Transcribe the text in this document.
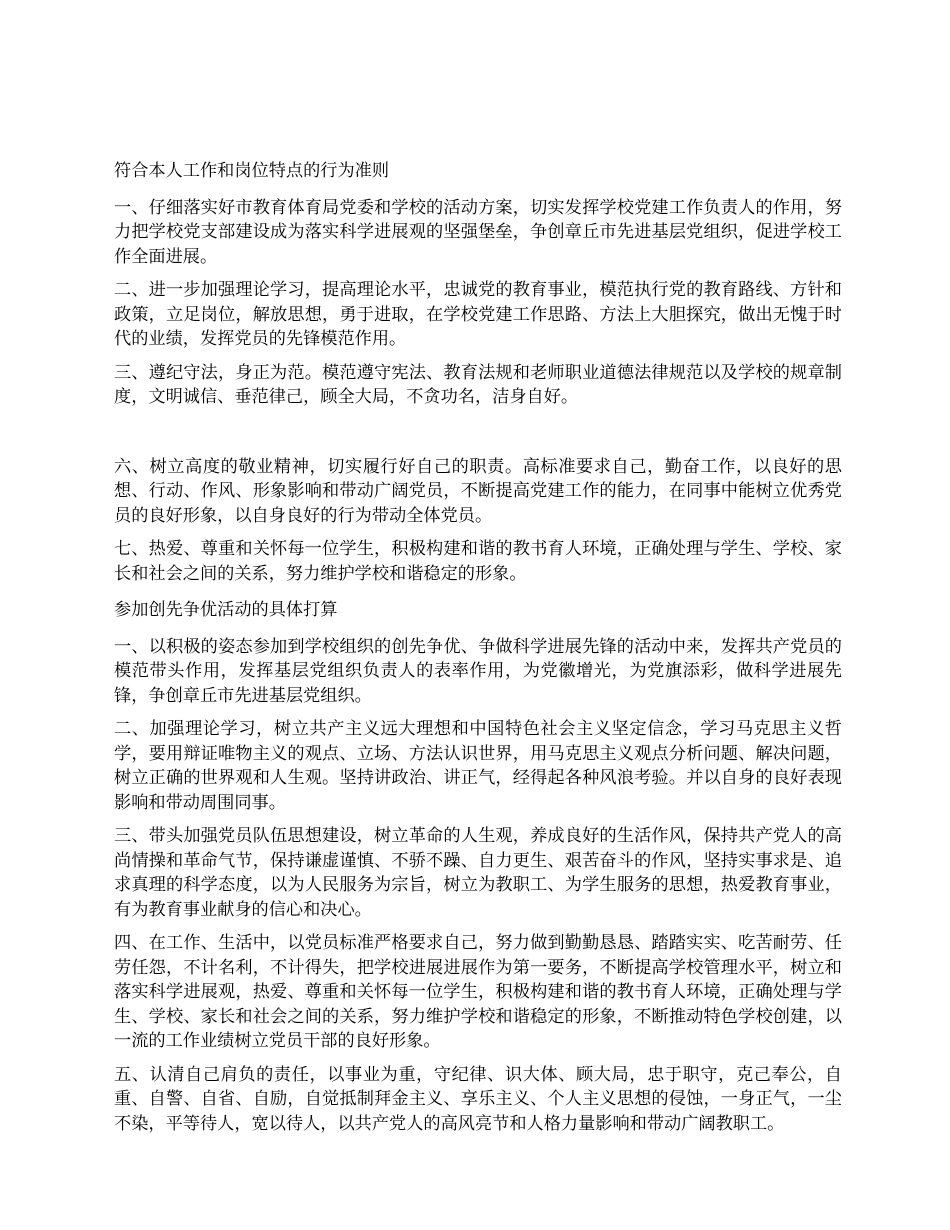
符合本人工作和岗位特点的行为准则

一、仔细落实好市教育体育局党委和学校的活动方案，切实发挥学校党建工作负责人的作用，努力把学校党支部建设成为落实科学进展观的坚强堡垒，争创章丘市先进基层党组织，促进学校工作全面进展。

二、进一步加强理论学习，提高理论水平，忠诚党的教育事业，模范执行党的教育路线、方针和政策，立足岗位，解放思想，勇于进取，在学校党建工作思路、方法上大胆探究，做出无愧于时代的业绩，发挥党员的先锋模范作用。

三、遵纪守法，身正为范。模范遵守宪法、教育法规和老师职业道德法律规范以及学校的规章制度，文明诚信、垂范律己，顾全大局，不贪功名，洁身自好。

六、树立高度的敬业精神，切实履行好自己的职责。高标准要求自己，勤奋工作，以良好的思想、行动、作风、形象影响和带动广阔党员，不断提高党建工作的能力，在同事中能树立优秀党员的良好形象，以自身良好的行为带动全体党员。

七、热爱、尊重和关怀每一位学生，积极构建和谐的教书育人环境，正确处理与学生、学校、家长和社会之间的关系，努力维护学校和谐稳定的形象。

参加创先争优活动的具体打算

一、以积极的姿态参加到学校组织的创先争优、争做科学进展先锋的活动中来，发挥共产党员的模范带头作用，发挥基层党组织负责人的表率作用，为党徽增光，为党旗添彩，做科学进展先锋，争创章丘市先进基层党组织。

二、加强理论学习，树立共产主义远大理想和中国特色社会主义坚定信念，学习马克思主义哲学，要用辩证唯物主义的观点、立场、方法认识世界，用马克思主义观点分析问题、解决问题，树立正确的世界观和人生观。坚持讲政治、讲正气，经得起各种风浪考验。并以自身的良好表现影响和带动周围同事。

三、带头加强党员队伍思想建设，树立革命的人生观，养成良好的生活作风，保持共产党人的高尚情操和革命气节，保持谦虚谨慎、不骄不躁、自力更生、艰苦奋斗的作风，坚持实事求是、追求真理的科学态度，以为人民服务为宗旨，树立为教职工、为学生服务的思想，热爱教育事业，有为教育事业献身的信心和决心。

四、在工作、生活中，以党员标准严格要求自己，努力做到勤勤恳恳、踏踏实实、吃苦耐劳、任劳任怨，不计名利，不计得失，把学校进展进展作为第一要务，不断提高学校管理水平，树立和落实科学进展观，热爱、尊重和关怀每一位学生，积极构建和谐的教书育人环境，正确处理与学生、学校、家长和社会之间的关系，努力维护学校和谐稳定的形象，不断推动特色学校创建，以一流的工作业绩树立党员干部的良好形象。

五、认清自己肩负的责任，以事业为重，守纪律、识大体、顾大局，忠于职守，克己奉公，自重、自警、自省、自励，自觉抵制拜金主义、享乐主义、个人主义思想的侵蚀，一身正气，一尘不染，平等待人，宽以待人，以共产党人的高风亮节和人格力量影响和带动广阔教职工。
